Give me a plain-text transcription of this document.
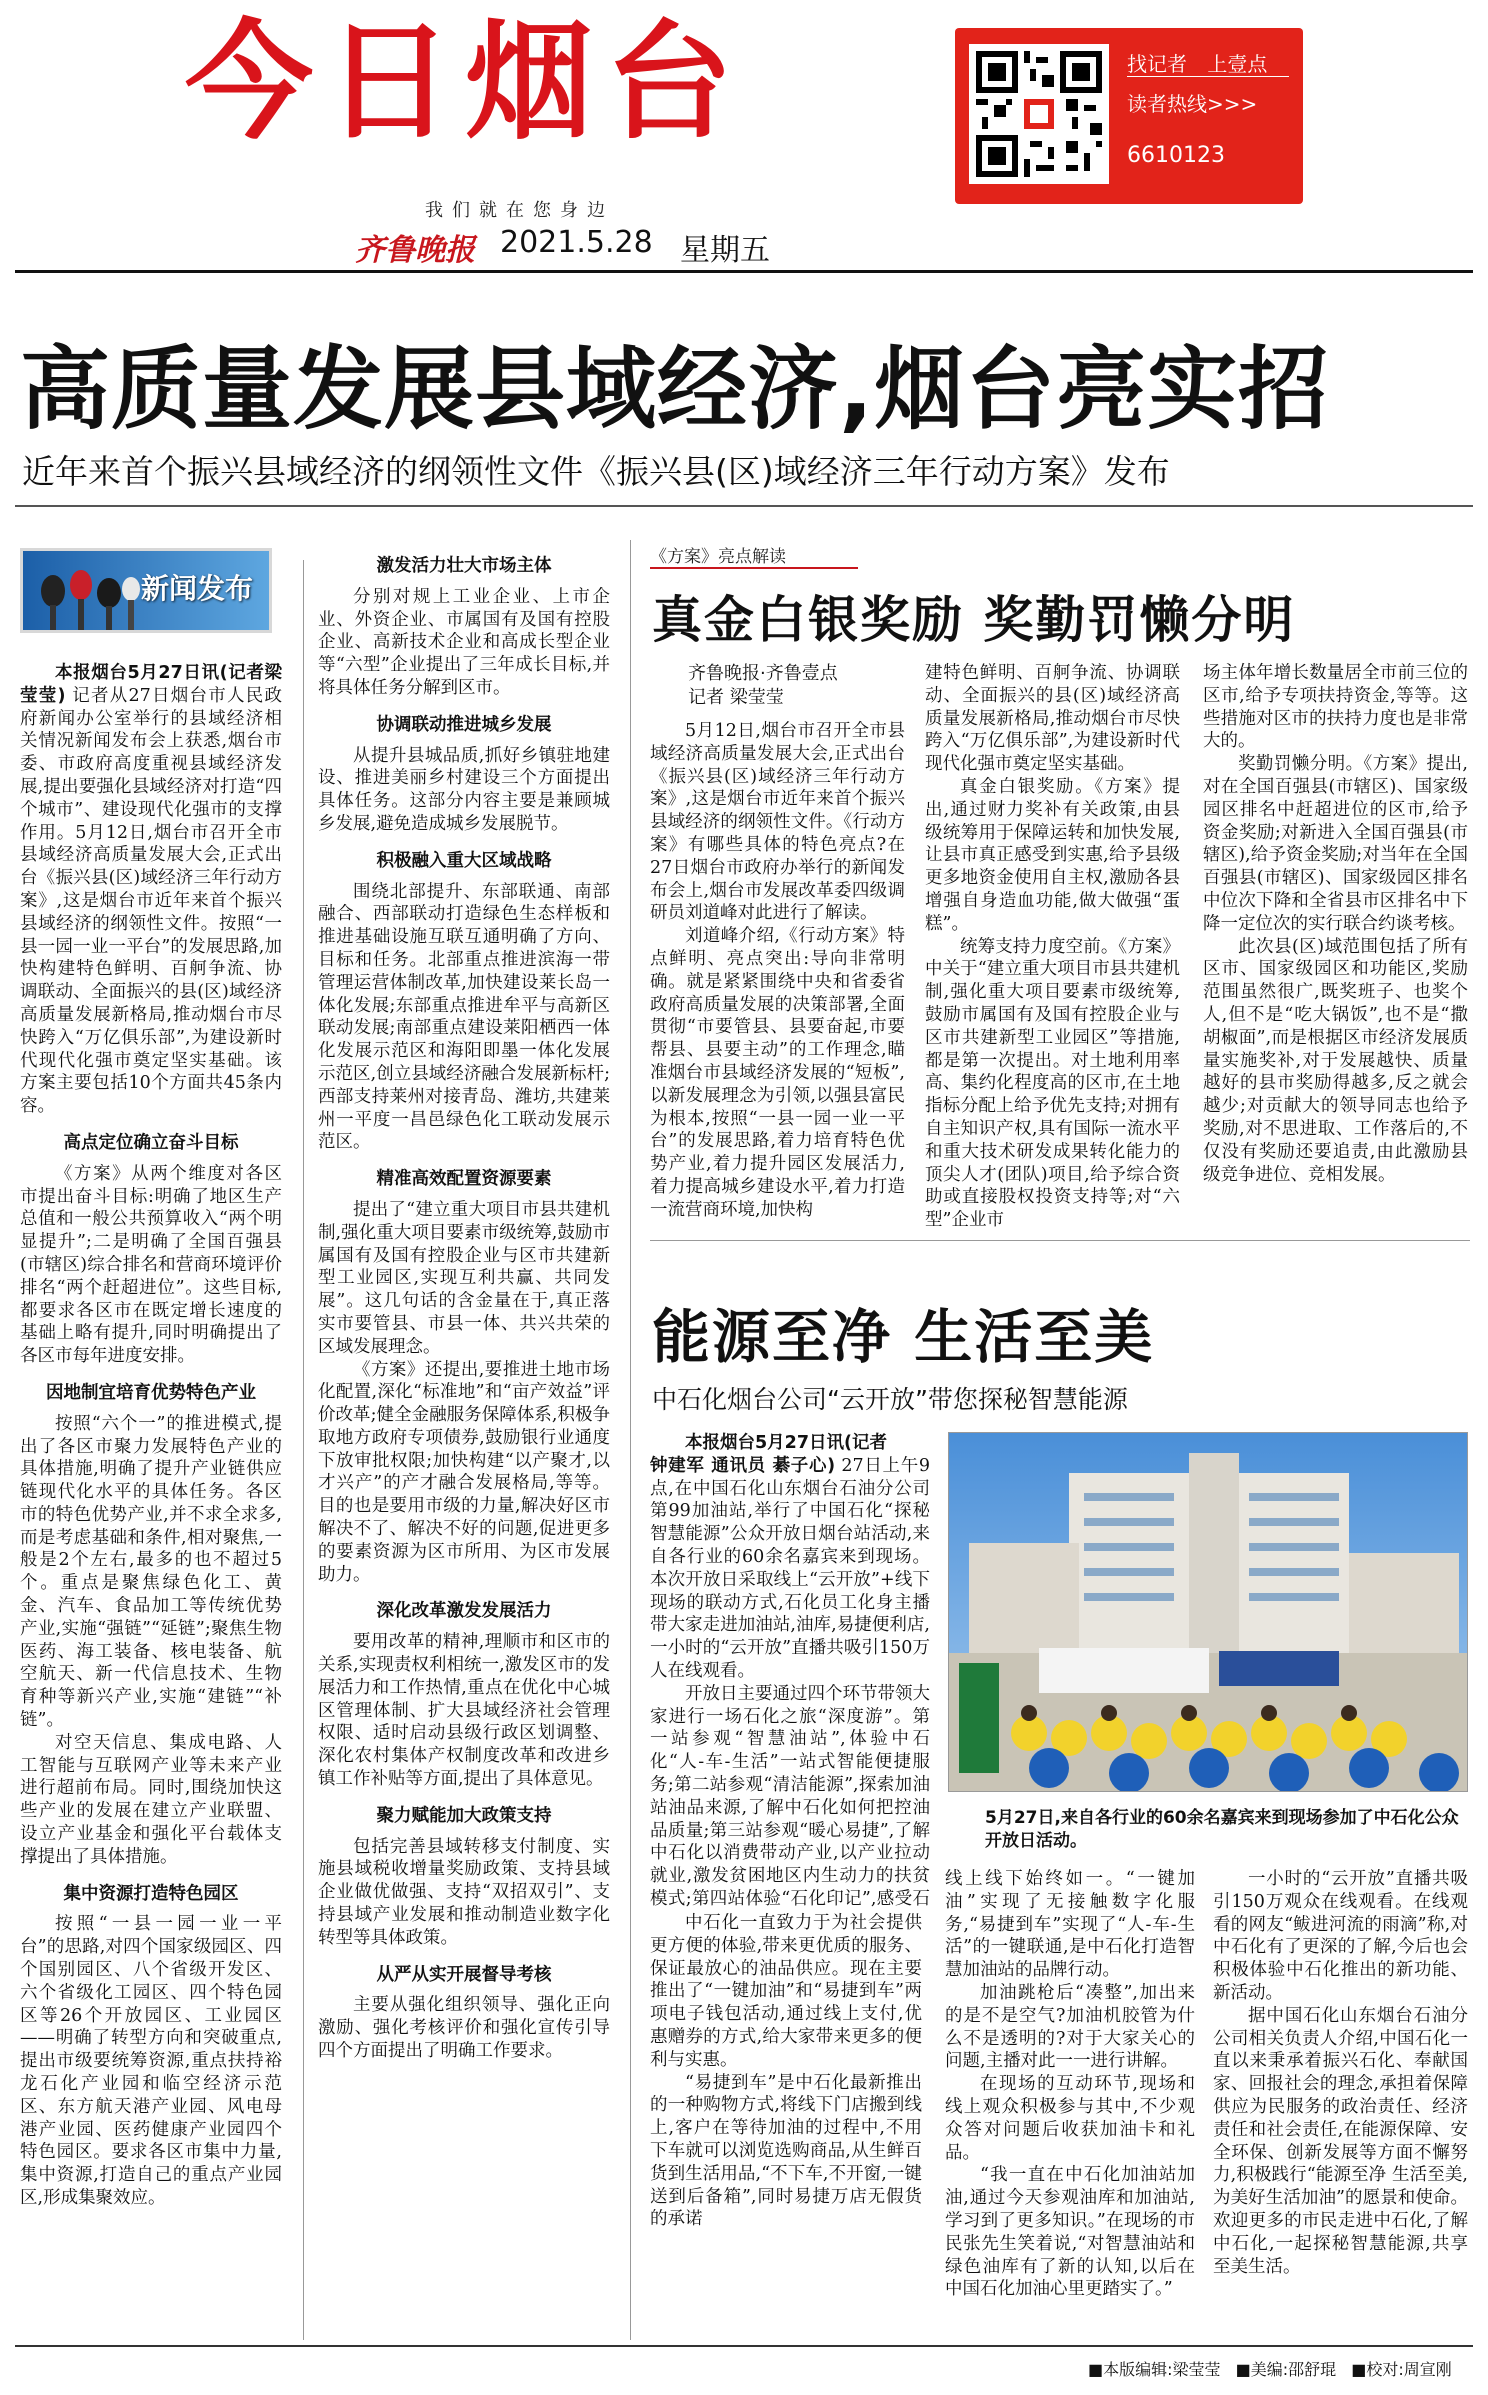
今日烟台	找记者 上壹点
读者热线>>>
6610123
我们就在您身边
齐鲁晚报 2021.5.28 星期五
高质量发展县域经济,烟台亮实招
近年来首个振兴县域经济的纲领性文件《振兴县(区)域经济三年行动方案》发布
新闻发布

本报烟台5月27日讯(记者梁莹莹) 记者从27日烟台市人民政府新闻办公室举行的县域经济相关情况新闻发布会上获悉,烟台市委、市政府高度重视县域经济发展,提出要强化县域经济对打造“四个城市”、建设现代化强市的支撑作用。5月12日,烟台市召开全市县域经济高质量发展大会,正式出台《振兴县(区)域经济三年行动方案》,这是烟台市近年来首个振兴县域经济的纲领性文件。按照“一县一园一业一平台”的发展思路,加快构建特色鲜明、百舸争流、协调联动、全面振兴的县(区)域经济高质量发展新格局,推动烟台市尽快跨入“万亿俱乐部”,为建设新时代现代化强市奠定坚实基础。该方案主要包括10个方面共45条内容。

高点定位确立奋斗目标

《方案》从两个维度对各区市提出奋斗目标:明确了地区生产总值和一般公共预算收入“两个明显提升”;二是明确了全国百强县(市辖区)综合排名和营商环境评价排名“两个赶超进位”。这些目标,都要求各区市在既定增长速度的基础上略有提升,同时明确提出了各区市每年进度安排。

因地制宜培育优势特色产业

按照“六个一”的推进模式,提出了各区市聚力发展特色产业的具体措施,明确了提升产业链供应链现代化水平的具体任务。各区市的特色优势产业,并不求全求多,而是考虑基础和条件,相对聚焦,一般是2个左右,最多的也不超过5个。重点是聚焦绿色化工、黄金、汽车、食品加工等传统优势产业,实施“强链”“延链”;聚焦生物医药、海工装备、核电装备、航空航天、新一代信息技术、生物育种等新兴产业,实施“建链”“补链”。

对空天信息、集成电路、人工智能与互联网产业等未来产业进行超前布局。同时,围绕加快这些产业的发展在建立产业联盟、设立产业基金和强化平台载体支撑提出了具体措施。

集中资源打造特色园区

按照“一县一园一业一平台”的思路,对四个国家级园区、四个国别园区、八个省级开发区、六个省级化工园区、四个特色园区等26个开放园区、工业园区——明确了转型方向和突破重点,提出市级要统筹资源,重点扶持裕龙石化产业园和临空经济示范区、东方航天港产业园、风电母港产业园、医药健康产业园四个特色园区。要求各区市集中力量,集中资源,打造自己的重点产业园区,形成集聚效应。

激发活力壮大市场主体

分别对规上工业企业、上市企业、外资企业、市属国有及国有控股企业、高新技术企业和高成长型企业等“六型”企业提出了三年成长目标,并将具体任务分解到区市。

协调联动推进城乡发展

从提升县城品质,抓好乡镇驻地建设、推进美丽乡村建设三个方面提出具体任务。这部分内容主要是兼顾城乡发展,避免造成城乡发展脱节。

积极融入重大区域战略

围绕北部提升、东部联通、南部融合、西部联动打造绿色生态样板和推进基础设施互联互通明确了方向、目标和任务。北部重点推进滨海一带管理运营体制改革,加快建设莱长岛一体化发展;东部重点推进牟平与高新区联动发展;南部重点建设莱阳栖西一体化发展示范区和海阳即墨一体化发展示范区,创立县域经济融合发展新标杆;西部支持莱州对接青岛、潍坊,共建莱州一平度一昌邑绿色化工联动发展示范区。

精准高效配置资源要素

提出了“建立重大项目市县共建机制,强化重大项目要素市级统筹,鼓励市属国有及国有控股企业与区市共建新型工业园区,实现互利共赢、共同发展”。这几句话的含金量在于,真正落实市要管县、市县一体、共兴共荣的区域发展理念。

《方案》还提出,要推进土地市场化配置,深化“标准地”和“亩产效益”评价改革;健全金融服务保障体系,积极争取地方政府专项债券,鼓励银行业通度下放审批权限;加快构建“以产聚才,以才兴产”的产才融合发展格局,等等。目的也是要用市级的力量,解决好区市解决不了、解决不好的问题,促进更多的要素资源为区市所用、为区市发展助力。

深化改革激发发展活力

要用改革的精神,理顺市和区市的关系,实现责权利相统一,激发区市的发展活力和工作热情,重点在优化中心城区管理体制、扩大县域经济社会管理权限、适时启动县级行政区划调整、深化农村集体产权制度改革和改进乡镇工作补贴等方面,提出了具体意见。

聚力赋能加大政策支持

包括完善县域转移支付制度、实施县域税收增量奖励政策、支持县域企业做优做强、支持“双招双引”、支持县域产业发展和推动制造业数字化转型等具体政策。

从严从实开展督导考核

主要从强化组织领导、强化正向激励、强化考核评价和强化宣传引导四个方面提出了明确工作要求。

《方案》亮点解读
真金白银奖励 奖勤罚懒分明
齐鲁晚报·齐鲁壹点
记者 梁莹莹

5月12日,烟台市召开全市县域经济高质量发展大会,正式出台《振兴县(区)域经济三年行动方案》,这是烟台市近年来首个振兴县域经济的纲领性文件。《行动方案》有哪些具体的特色亮点?在27日烟台市政府办举行的新闻发布会上,烟台市发展改革委四级调研员刘道峰对此进行了解读。

刘道峰介绍,《行动方案》特点鲜明、亮点突出:导向非常明确。就是紧紧围绕中央和省委省政府高质量发展的决策部署,全面贯彻“市要管县、县要奋起,市要帮县、县要主动”的工作理念,瞄准烟台市县域经济发展的“短板”,以新发展理念为引领,以强县富民为根本,按照“一县一园一业一平台”的发展思路,着力培育特色优势产业,着力提升园区发展活力,着力提高城乡建设水平,着力打造一流营商环境,加快构

建特色鲜明、百舸争流、协调联动、全面振兴的县(区)域经济高质量发展新格局,推动烟台市尽快跨入“万亿俱乐部”,为建设新时代现代化强市奠定坚实基础。

真金白银奖励。《方案》提出,通过财力奖补有关政策,由县级统筹用于保障运转和加快发展,让县市真正感受到实惠,给予县级更多地资金使用自主权,激励各县增强自身造血功能,做大做强“蛋糕”。

统筹支持力度空前。《方案》中关于“建立重大项目市县共建机制,强化重大项目要素市级统筹,鼓励市属国有及国有控股企业与区市共建新型工业园区”等措施,都是第一次提出。对土地利用率高、集约化程度高的区市,在土地指标分配上给予优先支持;对拥有自主知识产权,具有国际一流水平和重大技术研发成果转化能力的顶尖人才(团队)项目,给予综合资助或直接股权投资支持等;对“六型”企业市

场主体年增长数量居全市前三位的区市,给予专项扶持资金,等等。这些措施对区市的扶持力度也是非常大的。

奖勤罚懒分明。《方案》提出,对在全国百强县(市辖区)、国家级园区排名中赶超进位的区市,给予资金奖励;对新进入全国百强县(市辖区),给予资金奖励;对当年在全国百强县(市辖区)、国家级园区排名中位次下降和全省县市区排名中下降一定位次的实行联合约谈考核。

此次县(区)域范围包括了所有区市、国家级园区和功能区,奖励范围虽然很广,既奖班子、也奖个人,但不是“吃大锅饭”,也不是“撒胡椒面”,而是根据区市经济发展质量实施奖补,对于发展越快、质量越好的县市奖励得越多,反之就会越少;对贡献大的领导同志也给予奖励,对不思进取、工作落后的,不仅没有奖励还要追责,由此激励县级竞争进位、竞相发展。

能源至净 生活至美
中石化烟台公司“云开放”带您探秘智慧能源

本报烟台5月27日讯(记者
钟建军 通讯员 綦子心) 27日上午9点,在中国石化山东烟台石油分公司第99加油站,举行了中国石化“探秘智慧能源”公众开放日烟台站活动,来自各行业的60余名嘉宾来到现场。本次开放日采取线上“云开放”+线下现场的联动方式,石化员工化身主播带大家走进加油站,油库,易捷便利店,一小时的“云开放”直播共吸引150万人在线观看。

开放日主要通过四个环节带领大家进行一场石化之旅“深度游”。第一站参观“智慧油站”,体验中石化“人-车-生活”一站式智能便捷服务;第二站参观“清洁能源”,探索加油站油品来源,了解中石化如何把控油品质量;第三站参观“暖心易捷”,了解中石化以消费带动产业,以产业拉动就业,激发贫困地区内生动力的扶贫模式;第四站体验“石化印记”,感受石

中石化一直致力于为社会提供更方便的体验,带来更优质的服务、保证最放心的油品供应。现在主要推出了“一键加油”和“易捷到车”两项电子钱包活动,通过线上支付,优惠赠券的方式,给大家带来更多的便利与实惠。

“易捷到车”是中石化最新推出的一种购物方式,将线下门店搬到线上,客户在等待加油的过程中,不用下车就可以浏览选购商品,从生鲜百货到生活用品,“不下车,不开窗,一键送到后备箱”,同时易捷万店无假货的承诺

5月27日,来自各行业的60余名嘉宾来到现场参加了中石化公众开放日活动。

线上线下始终如一。“一键加油”实现了无接触数字化服务,“易捷到车”实现了“人-车-生活”的一键联通,是中石化打造智慧加油站的品牌行动。

加油跳枪后“凑整”,加出来的是不是空气?加油机胶管为什么不是透明的?对于大家关心的问题,主播对此一一进行讲解。

在现场的互动环节,现场和线上观众积极参与其中,不少观众答对问题后收获加油卡和礼品。

“我一直在中石化加油站加油,通过今天参观油库和加油站,学习到了更多知识。”在现场的市民张先生笑着说,“对智慧油站和绿色油库有了新的认知,以后在中国石化加油心里更踏实了。”

一小时的“云开放”直播共吸引150万观众在线观看。在线观看的网友“鲅进河流的雨滴”称,对中石化有了更深的了解,今后也会积极体验中石化推出的新功能、新活动。

据中国石化山东烟台石油分公司相关负责人介绍,中国石化一直以来秉承着振兴石化、奉献国家、回报社会的理念,承担着保障供应为民服务的政治责任、经济责任和社会责任,在能源保障、安全环保、创新发展等方面不懈努力,积极践行“能源至净 生活至美,为美好生活加油”的愿景和使命。欢迎更多的市民走进中石化,了解中石化,一起探秘智慧能源,共享至美生活。

■本版编辑:梁莹莹 ■美编:邵舒琨 ■校对:周宣刚
